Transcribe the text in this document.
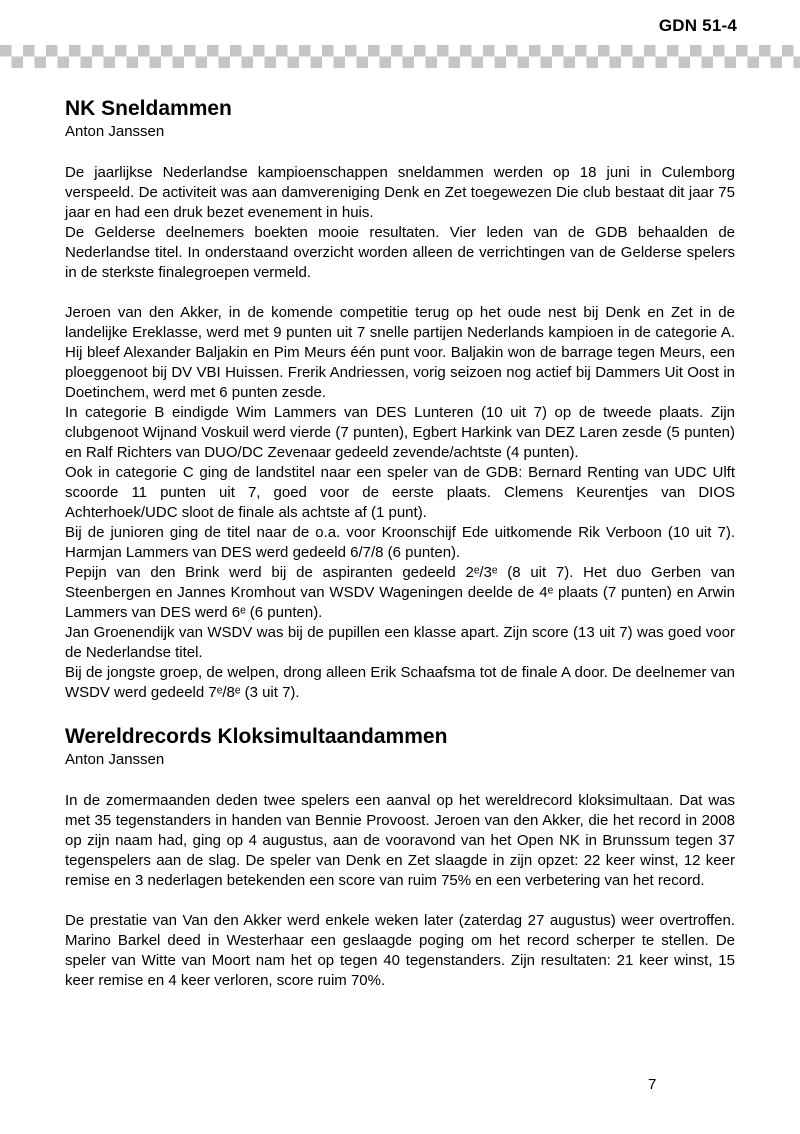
GDN 51-4
NK Sneldammen
Anton Janssen

De jaarlijkse Nederlandse kampioenschappen sneldammen werden op 18 juni in Culemborg verspeeld. De activiteit was aan damvereniging Denk en Zet toegewezen Die club bestaat dit jaar 75 jaar en had een druk bezet evenement in huis.

De Gelderse deelnemers boekten mooie resultaten. Vier leden van de GDB behaalden de Nederlandse titel. In onderstaand overzicht worden alleen de verrichtingen van de Gelderse spelers in de sterkste finalegroepen vermeld.

Jeroen van den Akker, in de komende competitie terug op het oude nest bij Denk en Zet in de landelijke Ereklasse, werd met 9 punten uit 7 snelle partijen Nederlands kampioen in de categorie A. Hij bleef Alexander Baljakin en Pim Meurs één punt voor. Baljakin won de barrage tegen Meurs, een ploeggenoot bij DV VBI Huissen. Frerik Andriessen, vorig seizoen nog actief bij Dammers Uit Oost in Doetinchem, werd met 6 punten zesde.

In categorie B eindigde Wim Lammers van DES Lunteren (10 uit 7) op de tweede plaats. Zijn clubgenoot Wijnand Voskuil werd vierde (7 punten), Egbert Harkink van DEZ Laren zesde (5 punten) en Ralf Richters van DUO/DC Zevenaar gedeeld zevende/achtste (4 punten).

Ook in categorie C ging de landstitel naar een speler van de GDB: Bernard Renting van UDC Ulft scoorde 11 punten uit 7, goed voor de eerste plaats. Clemens Keurentjes van DIOS Achterhoek/UDC sloot de finale als achtste af (1 punt).

Bij de junioren ging de titel naar de o.a. voor Kroonschijf Ede uitkomende Rik Verboon (10 uit 7). Harmjan Lammers van DES werd gedeeld 6/7/8 (6 punten).

Pepijn van den Brink werd bij de aspiranten gedeeld 2ᵉ/3ᵉ (8 uit 7). Het duo Gerben van Steenbergen en Jannes Kromhout van WSDV Wageningen deelde de 4ᵉ plaats (7 punten) en Arwin Lammers van DES werd 6ᵉ (6 punten).

Jan Groenendijk van WSDV was bij de pupillen een klasse apart. Zijn score (13 uit 7) was goed voor de Nederlandse titel.

Bij de jongste groep, de welpen, drong alleen Erik Schaafsma tot de finale A door. De deelnemer van WSDV werd gedeeld 7ᵉ/8ᵉ (3 uit 7).

Wereldrecords Kloksimultaandammen
Anton Janssen

In de zomermaanden deden twee spelers een aanval op het wereldrecord kloksimultaan. Dat was met 35 tegenstanders in handen van Bennie Provoost. Jeroen van den Akker, die het record in 2008 op zijn naam had, ging op 4 augustus, aan de vooravond van het Open NK in Brunssum tegen 37 tegenspelers aan de slag. De speler van Denk en Zet slaagde in zijn opzet: 22 keer winst, 12 keer remise en 3 nederlagen betekenden een score van ruim 75% en een verbetering van het record.

De prestatie van Van den Akker werd enkele weken later (zaterdag 27 augustus) weer overtroffen. Marino Barkel deed in Westerhaar een geslaagde poging om het record scherper te stellen. De speler van Witte van Moort nam het op tegen 40 tegenstanders. Zijn resultaten: 21 keer winst, 15 keer remise en 4 keer verloren, score ruim 70%.

7
